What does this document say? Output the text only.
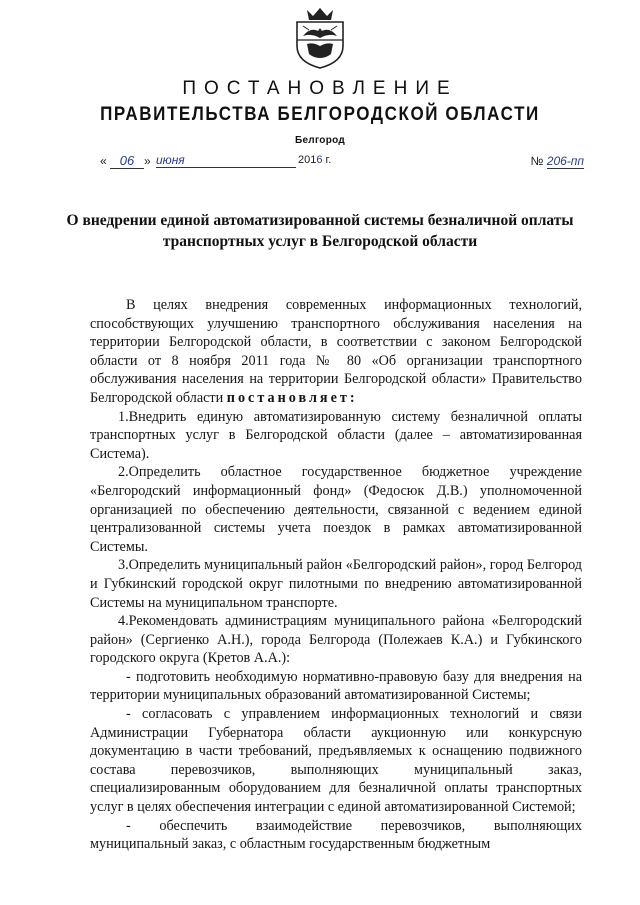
ПОСТАНОВЛЕНИЕ
ПРАВИТЕЛЬСТВА БЕЛГОРОДСКОЙ ОБЛАСТИ
Белгород
«	06 » июня	2016 г.	№ 206-пп
О внедрении единой автоматизированной системы безналичной оплаты транспортных услуг в Белгородской области

В целях внедрения современных информационных технологий, способствующих улучшению транспортного обслуживания населения на территории Белгородской области, в соответствии с законом Белгородской области от 8 ноября 2011 года № 80 «Об организации транспортного обслуживания населения на территории Белгородской области» Правительство Белгородской области постановляет:

1.Внедрить единую автоматизированную систему безналичной оплаты транспортных услуг в Белгородской области (далее – автоматизированная Система).

2.Определить областное государственное бюджетное учреждение «Белгородский информационный фонд» (Федосюк Д.В.) уполномоченной организацией по обеспечению деятельности, связанной с ведением единой централизованной системы учета поездок в рамках автоматизированной Системы.

3.Определить муниципальный район «Белгородский район», город Белгород и Губкинский городской округ пилотными по внедрению автоматизированной Системы на муниципальном транспорте.

4.Рекомендовать администрациям муниципального района «Белгородский район» (Сергиенко А.Н.), города Белгорода (Полежаев К.А.) и Губкинского городского округа (Кретов А.А.):

- подготовить необходимую нормативно-правовую базу для внедрения на территории муниципальных образований автоматизированной Системы;

- согласовать с управлением информационных технологий и связи Администрации Губернатора области аукционную или конкурсную документацию в части требований, предъявляемых к оснащению подвижного состава перевозчиков, выполняющих муниципальный заказ, специализированным оборудованием для безналичной оплаты транспортных услуг в целях обеспечения интеграции с единой автоматизированной Системой;

- обеспечить взаимодействие перевозчиков, выполняющих муниципальный заказ, с областным государственным бюджетным
